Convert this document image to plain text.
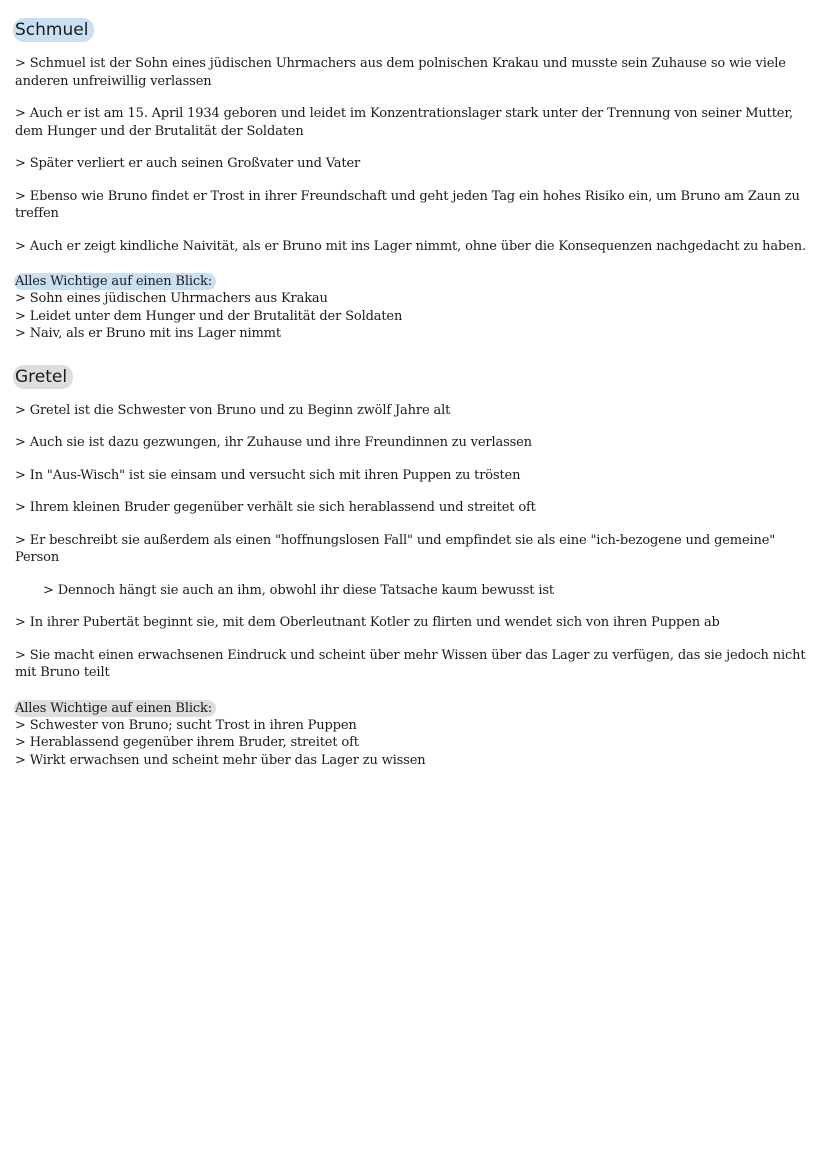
Schmuel

> Schmuel ist der Sohn eines jüdischen Uhrmachers aus dem polnischen Krakau und musste sein Zuhause so wie viele anderen unfreiwillig verlassen

> Auch er ist am 15. April 1934 geboren und leidet im Konzentrationslager stark unter der Trennung von seiner Mutter, dem Hunger und der Brutalität der Soldaten

> Später verliert er auch seinen Großvater und Vater

> Ebenso wie Bruno findet er Trost in ihrer Freundschaft und geht jeden Tag ein hohes Risiko ein, um Bruno am Zaun zu treffen

> Auch er zeigt kindliche Naivität, als er Bruno mit ins Lager nimmt, ohne über die Konsequenzen nachgedacht zu haben.

Alles Wichtige auf einen Blick:

> Sohn eines jüdischen Uhrmachers aus Krakau

> Leidet unter dem Hunger und der Brutalität der Soldaten

> Naiv, als er Bruno mit ins Lager nimmt

Gretel

> Gretel ist die Schwester von Bruno und zu Beginn zwölf Jahre alt

> Auch sie ist dazu gezwungen, ihr Zuhause und ihre Freundinnen zu verlassen

> In "Aus-Wisch" ist sie einsam und versucht sich mit ihren Puppen zu trösten

> Ihrem kleinen Bruder gegenüber verhält sie sich herablassend und streitet oft

> Er beschreibt sie außerdem als einen "hoffnungslosen Fall" und empfindet sie als eine "ich-bezogene und gemeine" Person

> Dennoch hängt sie auch an ihm, obwohl ihr diese Tatsache kaum bewusst ist

> In ihrer Pubertät beginnt sie, mit dem Oberleutnant Kotler zu flirten und wendet sich von ihren Puppen ab

> Sie macht einen erwachsenen Eindruck und scheint über mehr Wissen über das Lager zu verfügen, das sie jedoch nicht mit Bruno teilt

Alles Wichtige auf einen Blick:

> Schwester von Bruno; sucht Trost in ihren Puppen

> Herablassend gegenüber ihrem Bruder, streitet oft

> Wirkt erwachsen und scheint mehr über das Lager zu wissen
